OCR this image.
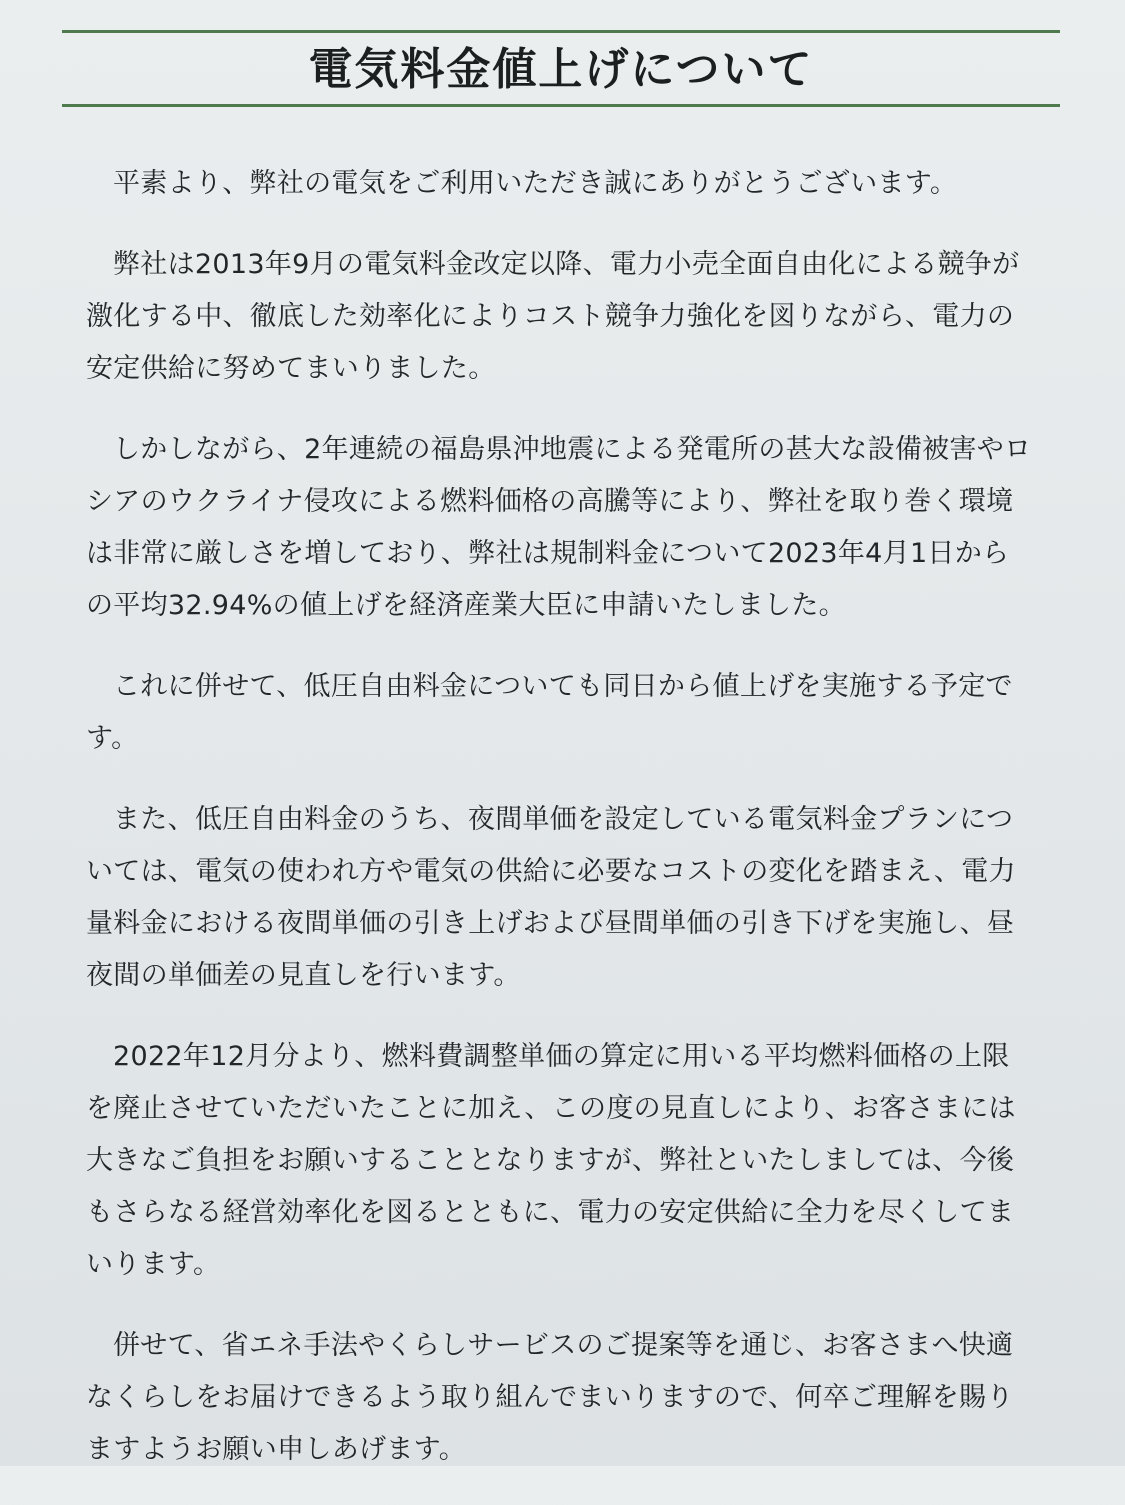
電気料金値上げについて

平素より、弊社の電気をご利用いただき誠にありがとうございます。

弊社は2013年9月の電気料金改定以降、電力小売全面自由化による競争が激化する中、徹底した効率化によりコスト競争力強化を図りながら、電力の安定供給に努めてまいりました。

しかしながら、2年連続の福島県沖地震による発電所の甚大な設備被害やロシアのウクライナ侵攻による燃料価格の高騰等により、弊社を取り巻く環境は非常に厳しさを増しており、弊社は規制料金について2023年4月1日からの平均32.94%の値上げを経済産業大臣に申請いたしました。

これに併せて、低圧自由料金についても同日から値上げを実施する予定です。

また、低圧自由料金のうち、夜間単価を設定している電気料金プランについては、電気の使われ方や電気の供給に必要なコストの変化を踏まえ、電力量料金における夜間単価の引き上げおよび昼間単価の引き下げを実施し、昼夜間の単価差の見直しを行います。

2022年12月分より、燃料費調整単価の算定に用いる平均燃料価格の上限を廃止させていただいたことに加え、この度の見直しにより、お客さまには大きなご負担をお願いすることとなりますが、弊社といたしましては、今後もさらなる経営効率化を図るとともに、電力の安定供給に全力を尽くしてまいります。

併せて、省エネ手法やくらしサービスのご提案等を通じ、お客さまへ快適なくらしをお届けできるよう取り組んでまいりますので、何卒ご理解を賜りますようお願い申しあげます。
